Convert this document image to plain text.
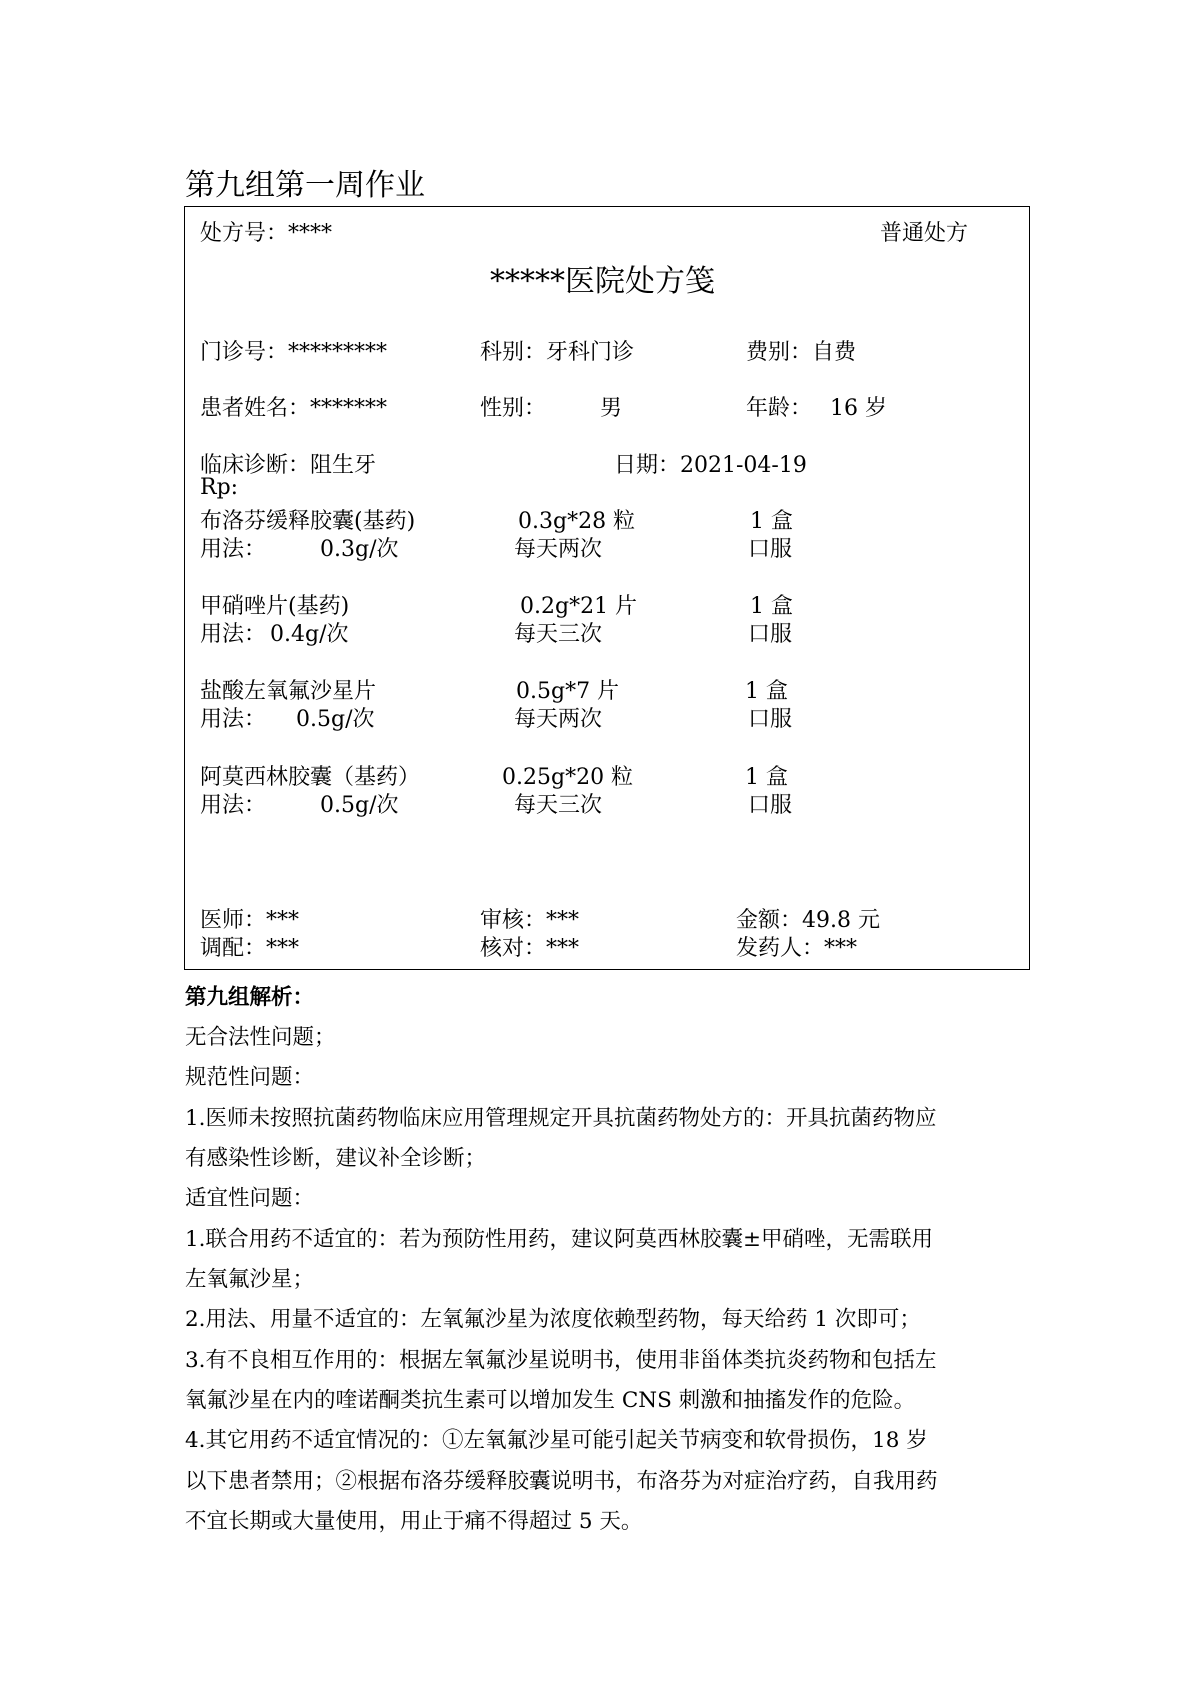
第九组第一周作业
处方号：****	普通处方
*****医院处方笺
门诊号：*********	科别：牙科门诊	费别：自费
患者姓名：*******	性别： 男	年龄： 16 岁
临床诊断：阻生牙	日期：2021-04-19
Rp:
布洛芬缓释胶囊(基药)	0.3g*28 粒	1 盒
用法： 0.3g/次	每天两次	口服
甲硝唑片(基药)	0.2g*21 片	1 盒
用法： 0.4g/次	每天三次	口服
盐酸左氧氟沙星片	0.5g*7 片	1 盒
用法： 0.5g/次	每天两次	口服
阿莫西林胶囊（基药）	0.25g*20 粒	1 盒
用法： 0.5g/次	每天三次	口服
医师：***	审核：***	金额：49.8 元
调配：***	核对：***	发药人：***
第九组解析：
无合法性问题；
规范性问题：
1.医师未按照抗菌药物临床应用管理规定开具抗菌药物处方的：开具抗菌药物应
有感染性诊断，建议补全诊断；
适宜性问题：
1.联合用药不适宜的：若为预防性用药，建议阿莫西林胶囊±甲硝唑，无需联用
左氧氟沙星；
2.用法、用量不适宜的：左氧氟沙星为浓度依赖型药物，每天给药 1 次即可；
3.有不良相互作用的：根据左氧氟沙星说明书，使用非甾体类抗炎药物和包括左
氧氟沙星在内的喹诺酮类抗生素可以增加发生 CNS 刺激和抽搐发作的危险。
4.其它用药不适宜情况的：①左氧氟沙星可能引起关节病变和软骨损伤，18 岁
以下患者禁用；②根据布洛芬缓释胶囊说明书，布洛芬为对症治疗药，自我用药
不宜长期或大量使用，用止于痛不得超过 5 天。
